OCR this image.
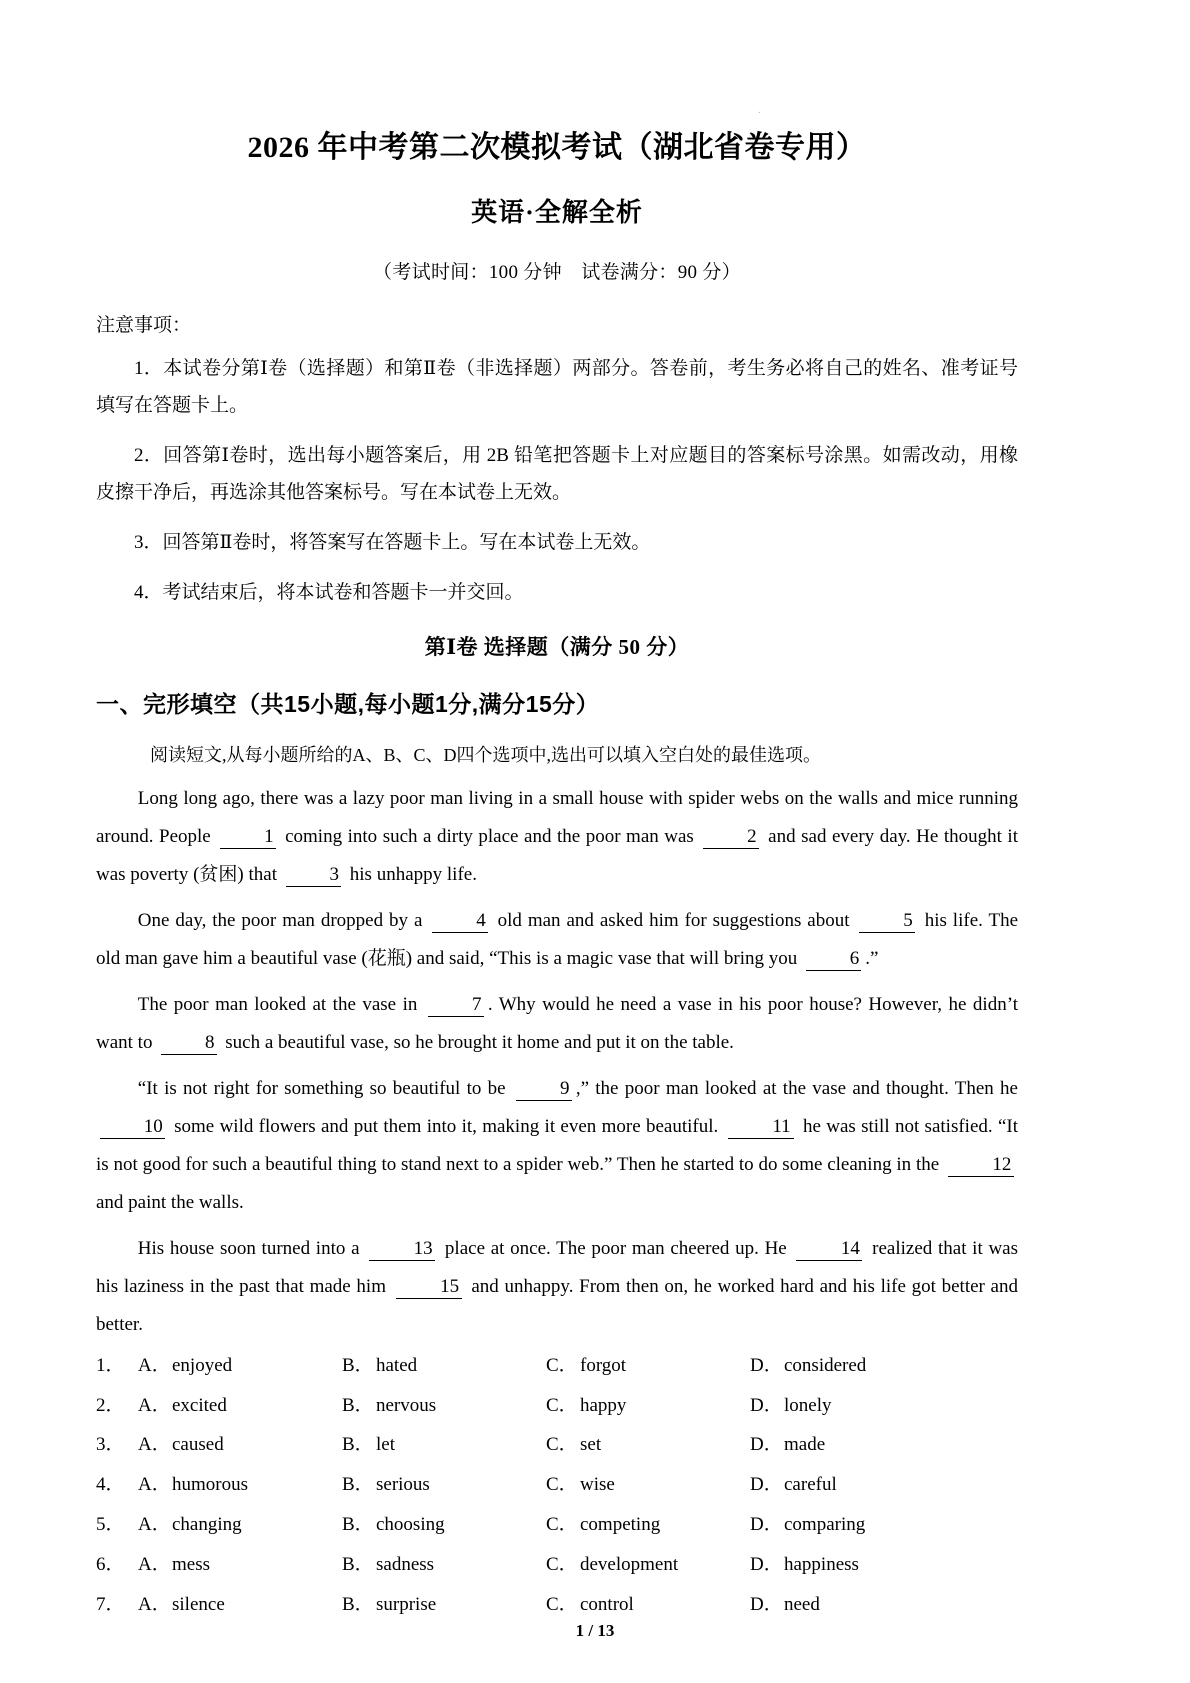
.
2026 年中考第二次模拟考试（湖北省卷专用）
英语·全解全析
（考试时间：100 分钟　试卷满分：90 分）
注意事项：
1．本试卷分第Ⅰ卷（选择题）和第Ⅱ卷（非选择题）两部分。答卷前，考生务必将自己的姓名、准考证号填写在答题卡上。
2．回答第Ⅰ卷时，选出每小题答案后，用 2B 铅笔把答题卡上对应题目的答案标号涂黑。如需改动，用橡皮擦干净后，再选涂其他答案标号。写在本试卷上无效。
3．回答第Ⅱ卷时，将答案写在答题卡上。写在本试卷上无效。
4．考试结束后，将本试卷和答题卡一并交回。
第Ⅰ卷 选择题（满分 50 分）
一、完形填空（共15小题,每小题1分,满分15分）
阅读短文,从每小题所给的A、B、C、D四个选项中,选出可以填入空白处的最佳选项。
Long long ago, there was a lazy poor man living in a small house with spider webs on the walls and mice running around. People	1 coming into such a dirty place and the poor man was	2 and sad every day. He thought it was poverty (贫困) that	3 his unhappy life.
One day, the poor man dropped by a	4 old man and asked him for suggestions about	5 his life. The old man gave him a beautiful vase (花瓶) and said, “This is a magic vase that will bring you	6 .”
The poor man looked at the vase in	7 . Why would he need a vase in his poor house? However, he didn’t want to	8 such a beautiful vase, so he brought it home and put it on the table.
“It is not right for something so beautiful to be	9 ,” the poor man looked at the vase and thought. Then he 10 some wild flowers and put them into it, making it even more beautiful.	11 he was still not satisfied. “It is not good for such a beautiful thing to stand next to a spider web.” Then he started to do some cleaning in the	12 and paint the walls.
His house soon turned into a	13 place at once. The poor man cheered up. He	14 realized that it was his laziness in the past that made him	15 and unhappy. From then on, he worked hard and his life got better and better.
1． A． enjoyed	B． hated	C． forgot	D． considered
2． A． excited	B． nervous	C． happy	D． lonely
3． A． caused	B． let	C． set	D． made
4． A． humorous	B． serious	C． wise	D． careful
5． A． changing	B． choosing	C． competing	D． comparing
6． A． mess	B． sadness	C． development	D． happiness
7． A． silence	B． surprise	C． control	D． need
1 / 13
